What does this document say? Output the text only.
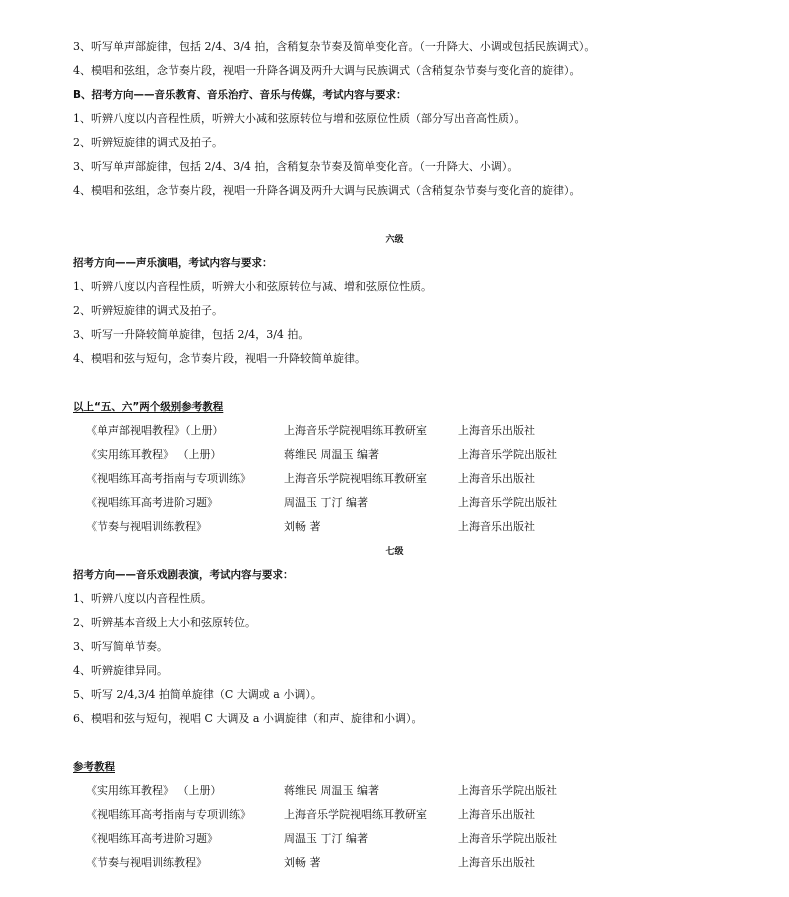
3、听写单声部旋律，包括 2/4、3/4 拍，含稍复杂节奏及简单变化音。（一升降大、小调或包括民族调式）。
4、模唱和弦组，念节奏片段，视唱一升降各调及两升大调与民族调式（含稍复杂节奏与变化音的旋律）。
B、招考方向——音乐教育、音乐治疗、音乐与传媒，考试内容与要求：
1、听辨八度以内音程性质，听辨大小减和弦原转位与增和弦原位性质（部分写出音高性质）。
2、听辨短旋律的调式及拍子。
3、听写单声部旋律，包括 2/4、3/4 拍，含稍复杂节奏及简单变化音。（一升降大、小调）。
4、模唱和弦组，念节奏片段，视唱一升降各调及两升大调与民族调式（含稍复杂节奏与变化音的旋律）。
六级
招考方向——声乐演唱，考试内容与要求：
1、听辨八度以内音程性质，听辨大小和弦原转位与减、增和弦原位性质。
2、听辨短旋律的调式及拍子。
3、听写一升降较简单旋律，包括 2/4，3/4 拍。
4、模唱和弦与短句，念节奏片段，视唱一升降较简单旋律。
以上“五、六”两个级别参考教程
《单声部视唱教程》（上册）	上海音乐学院视唱练耳教研室	上海音乐出版社
《实用练耳教程》 （上册）	蒋维民 周温玉 编著	上海音乐学院出版社
《视唱练耳高考指南与专项训练》	上海音乐学院视唱练耳教研室	上海音乐出版社
《视唱练耳高考进阶习题》	周温玉 丁汀 编著	上海音乐学院出版社
《节奏与视唱训练教程》	刘畅 著	上海音乐出版社
七级
招考方向——音乐戏剧表演，考试内容与要求：
1、听辨八度以内音程性质。
2、听辨基本音级上大小和弦原转位。
3、听写简单节奏。
4、听辨旋律异同。
5、听写 2/4,3/4 拍简单旋律（C 大调或 a 小调）。
6、模唱和弦与短句，视唱 C 大调及 a 小调旋律（和声、旋律和小调）。
参考教程
《实用练耳教程》 （上册）	蒋维民 周温玉 编著	上海音乐学院出版社
《视唱练耳高考指南与专项训练》	上海音乐学院视唱练耳教研室	上海音乐出版社
《视唱练耳高考进阶习题》	周温玉 丁汀 编著	上海音乐学院出版社
《节奏与视唱训练教程》	刘畅 著	上海音乐出版社
